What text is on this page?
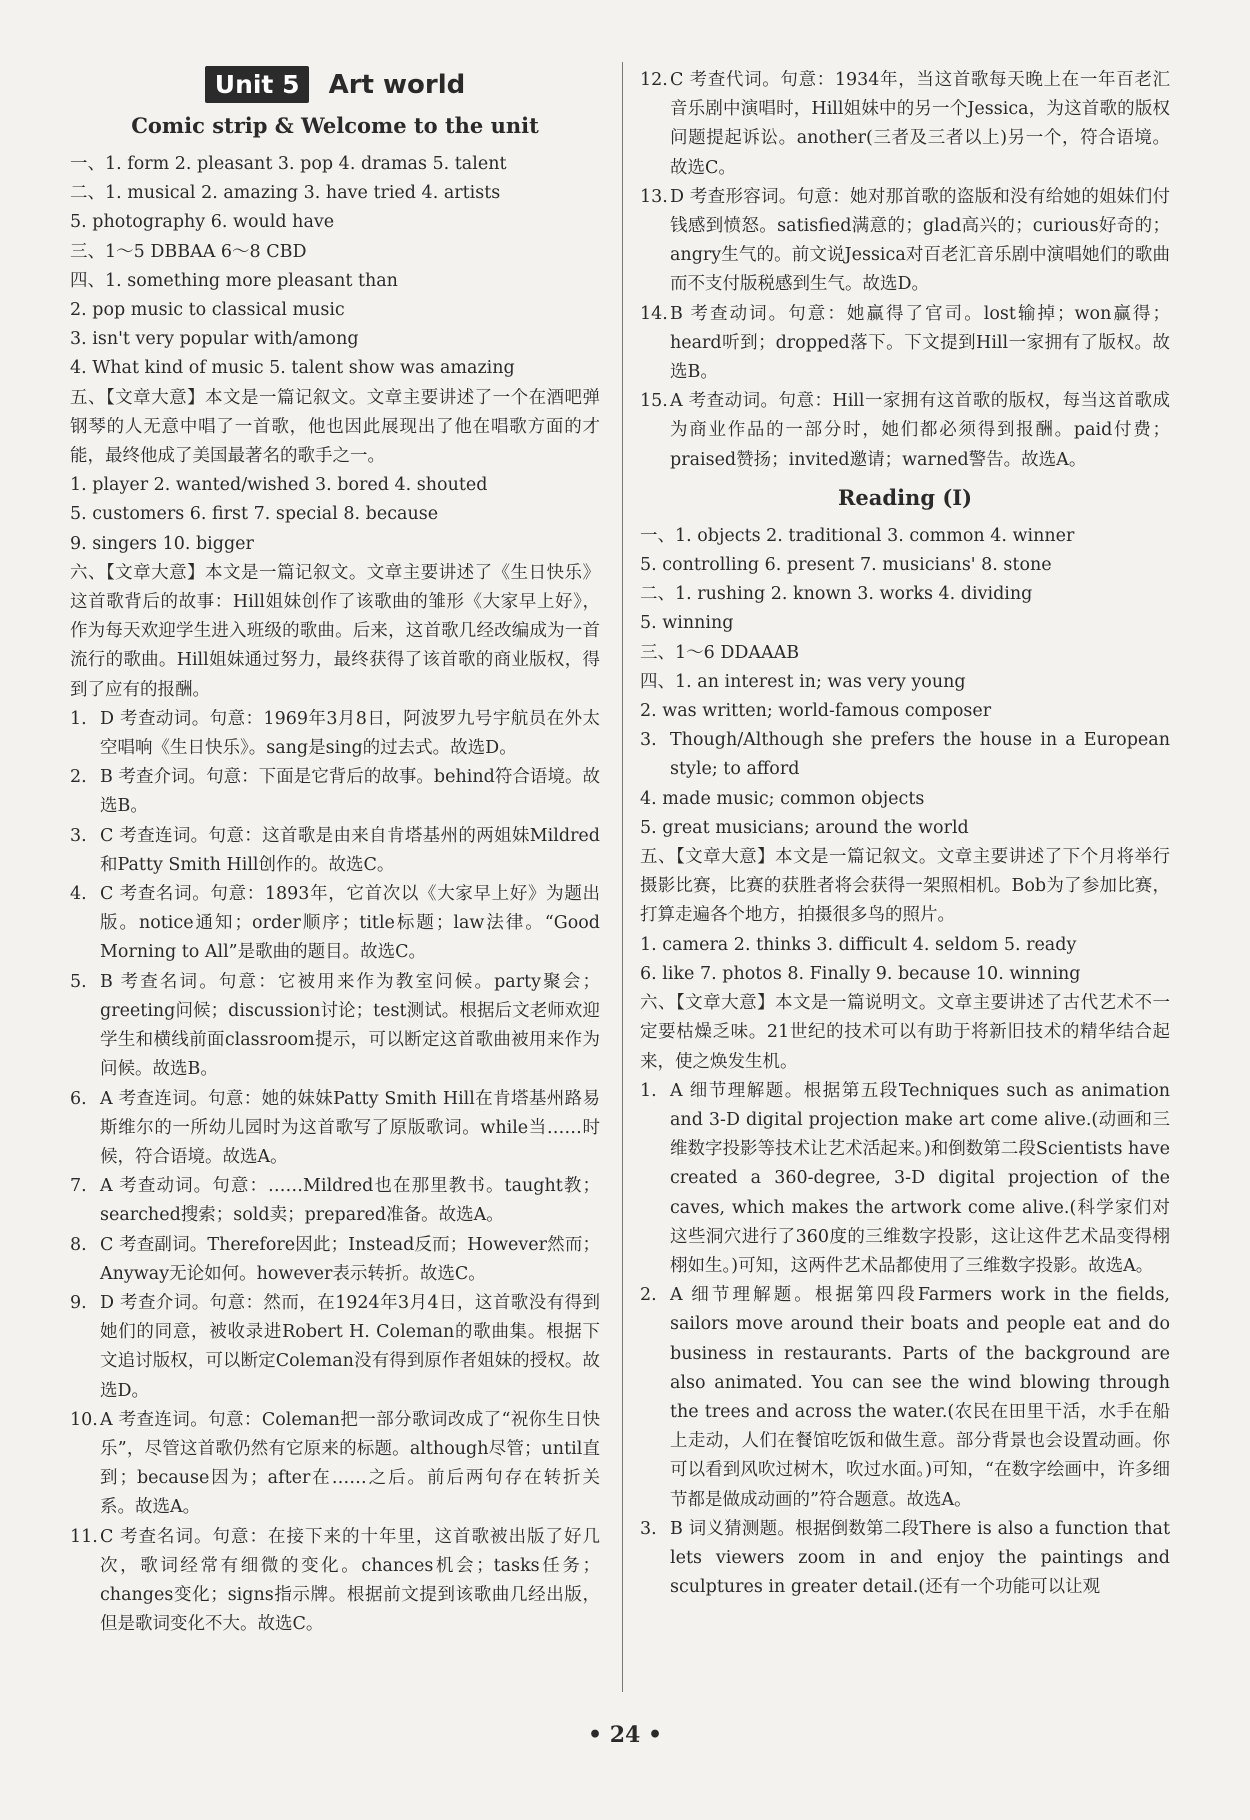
Unit 5 Art world
Comic strip & Welcome to the unit
一、1. form 2. pleasant 3. pop 4. dramas 5. talent
二、1. musical 2. amazing 3. have tried 4. artists
5. photography 6. would have
三、1～5 DBBAA 6～8 CBD
四、1. something more pleasant than
2. pop music to classical music
3. isn't very popular with/among
4. What kind of music 5. talent show was amazing
五、【文章大意】本文是一篇记叙文。文章主要讲述了一个在酒吧弹钢琴的人无意中唱了一首歌，他也因此展现出了他在唱歌方面的才能，最终他成了美国最著名的歌手之一。
1. player 2. wanted/wished 3. bored 4. shouted
5. customers 6. first 7. special 8. because
9. singers 10. bigger
六、【文章大意】本文是一篇记叙文。文章主要讲述了《生日快乐》这首歌背后的故事：Hill姐妹创作了该歌曲的雏形《大家早上好》，作为每天欢迎学生进入班级的歌曲。后来，这首歌几经改编成为一首流行的歌曲。Hill姐妹通过努力，最终获得了该首歌的商业版权，得到了应有的报酬。
1. D 考查动词。句意：1969年3月8日，阿波罗九号宇航员在外太空唱响《生日快乐》。sang是sing的过去式。故选D。
2. B 考查介词。句意：下面是它背后的故事。behind符合语境。故选B。
3. C 考查连词。句意：这首歌是由来自肯塔基州的两姐妹Mildred和Patty Smith Hill创作的。故选C。
4. C 考查名词。句意：1893年，它首次以《大家早上好》为题出版。notice通知；order顺序；title标题；law法律。“Good Morning to All”是歌曲的题目。故选C。
5. B 考查名词。句意：它被用来作为教室问候。party聚会；greeting问候；discussion讨论；test测试。根据后文老师欢迎学生和横线前面classroom提示，可以断定这首歌曲被用来作为问候。故选B。
6. A 考查连词。句意：她的妹妹Patty Smith Hill在肯塔基州路易斯维尔的一所幼儿园时为这首歌写了原版歌词。while当……时候，符合语境。故选A。
7. A 考查动词。句意：……Mildred也在那里教书。taught教；searched搜索；sold卖；prepared准备。故选A。
8. C 考查副词。Therefore因此；Instead反而；However然而；Anyway无论如何。however表示转折。故选C。
9. D 考查介词。句意：然而，在1924年3月4日，这首歌没有得到她们的同意，被收录进Robert H. Coleman的歌曲集。根据下文追讨版权，可以断定Coleman没有得到原作者姐妹的授权。故选D。
10. A 考查连词。句意：Coleman把一部分歌词改成了“祝你生日快乐”，尽管这首歌仍然有它原来的标题。although尽管；until直到；because因为；after在……之后。前后两句存在转折关系。故选A。
11. C 考查名词。句意：在接下来的十年里，这首歌被出版了好几次，歌词经常有细微的变化。chances机会；tasks任务；changes变化；signs指示牌。根据前文提到该歌曲几经出版，但是歌词变化不大。故选C。
12. C 考查代词。句意：1934年，当这首歌每天晚上在一年百老汇音乐剧中演唱时，Hill姐妹中的另一个Jessica，为这首歌的版权问题提起诉讼。another(三者及三者以上)另一个，符合语境。故选C。
13. D 考查形容词。句意：她对那首歌的盗版和没有给她的姐妹们付钱感到愤怒。satisfied满意的；glad高兴的；curious好奇的；angry生气的。前文说Jessica对百老汇音乐剧中演唱她们的歌曲而不支付版税感到生气。故选D。
14. B 考查动词。句意：她赢得了官司。lost输掉；won赢得；heard听到；dropped落下。下文提到Hill一家拥有了版权。故选B。
15. A 考查动词。句意：Hill一家拥有这首歌的版权，每当这首歌成为商业作品的一部分时，她们都必须得到报酬。paid付费；praised赞扬；invited邀请；warned警告。故选A。
Reading (Ⅰ)
一、1. objects 2. traditional 3. common 4. winner
5. controlling 6. present 7. musicians' 8. stone
二、1. rushing 2. known 3. works 4. dividing
5. winning
三、1～6 DDAAAB
四、1. an interest in; was very young
2. was written; world-famous composer
3. Though/Although she prefers the house in a European style; to afford
4. made music; common objects
5. great musicians; around the world
五、【文章大意】本文是一篇记叙文。文章主要讲述了下个月将举行摄影比赛，比赛的获胜者将会获得一架照相机。Bob为了参加比赛，打算走遍各个地方，拍摄很多鸟的照片。
1. camera 2. thinks 3. difficult 4. seldom 5. ready
6. like 7. photos 8. Finally 9. because 10. winning
六、【文章大意】本文是一篇说明文。文章主要讲述了古代艺术不一定要枯燥乏味。21世纪的技术可以有助于将新旧技术的精华结合起来，使之焕发生机。
1. A 细节理解题。根据第五段Techniques such as animation and 3-D digital projection make art come alive.(动画和三维数字投影等技术让艺术活起来。)和倒数第二段Scientists have created a 360-degree, 3-D digital projection of the caves, which makes the artwork come alive.(科学家们对这些洞穴进行了360度的三维数字投影，这让这件艺术品变得栩栩如生。)可知，这两件艺术品都使用了三维数字投影。故选A。
2. A 细节理解题。根据第四段Farmers work in the fields, sailors move around their boats and people eat and do business in restaurants. Parts of the background are also animated. You can see the wind blowing through the trees and across the water.(农民在田里干活，水手在船上走动，人们在餐馆吃饭和做生意。部分背景也会设置动画。你可以看到风吹过树木，吹过水面。)可知，“在数字绘画中，许多细节都是做成动画的”符合题意。故选A。
3. B 词义猜测题。根据倒数第二段There is also a function that lets viewers zoom in and enjoy the paintings and sculptures in greater detail.(还有一个功能可以让观
• 24 •
